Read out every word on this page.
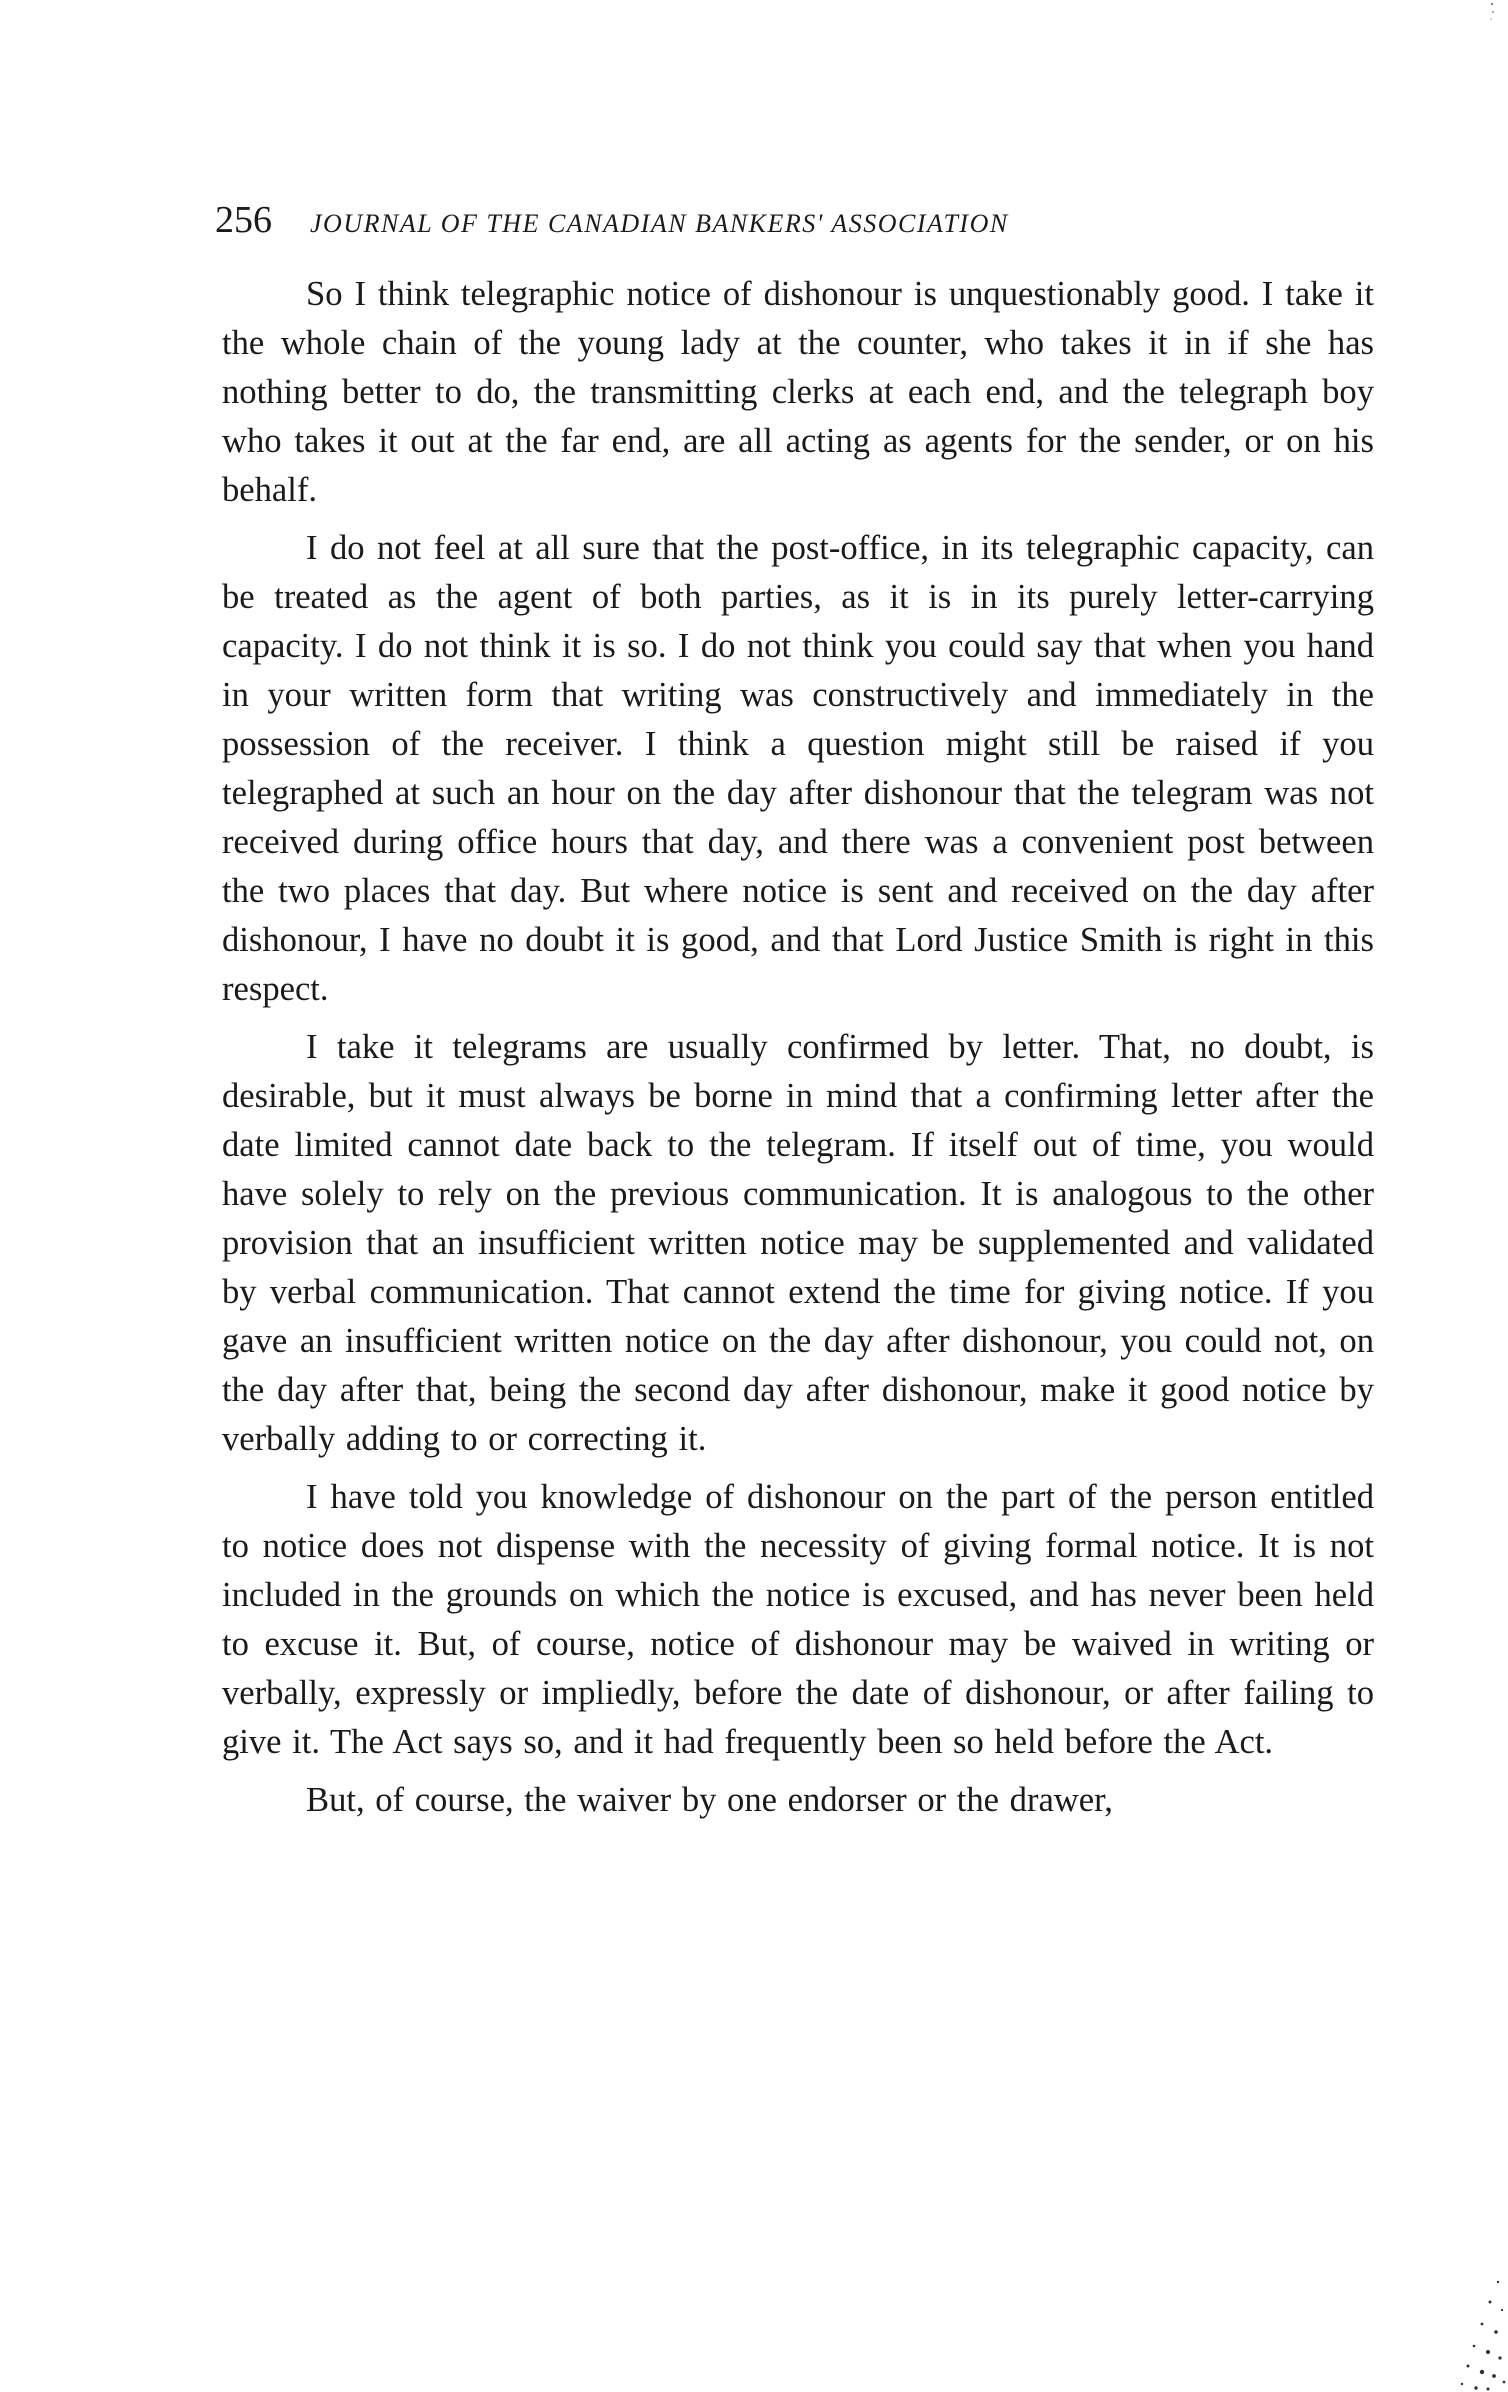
256 JOURNAL OF THE CANADIAN BANKERS' ASSOCIATION

So I think telegraphic notice of dishonour is unquestionably good. I take it the whole chain of the young lady at the counter, who takes it in if she has nothing better to do, the transmitting clerks at each end, and the telegraph boy who takes it out at the far end, are all acting as agents for the sender, or on his behalf.

I do not feel at all sure that the post-office, in its telegraphic capacity, can be treated as the agent of both parties, as it is in its purely letter-carrying capacity. I do not think it is so. I do not think you could say that when you hand in your written form that writing was constructively and immediately in the possession of the receiver. I think a question might still be raised if you telegraphed at such an hour on the day after dishonour that the telegram was not received during office hours that day, and there was a convenient post between the two places that day. But where notice is sent and received on the day after dishonour, I have no doubt it is good, and that Lord Justice Smith is right in this respect.

I take it telegrams are usually confirmed by letter. That, no doubt, is desirable, but it must always be borne in mind that a confirming letter after the date limited cannot date back to the telegram. If itself out of time, you would have solely to rely on the previous communication. It is analogous to the other provision that an insufficient written notice may be supplemented and validated by verbal communication. That cannot extend the time for giving notice. If you gave an insufficient written notice on the day after dishonour, you could not, on the day after that, being the second day after dishonour, make it good notice by verbally adding to or correcting it.

I have told you knowledge of dishonour on the part of the person entitled to notice does not dispense with the necessity of giving formal notice. It is not included in the grounds on which the notice is excused, and has never been held to excuse it. But, of course, notice of dishonour may be waived in writing or verbally, expressly or impliedly, before the date of dishonour, or after failing to give it. The Act says so, and it had frequently been so held before the Act.

But, of course, the waiver by one endorser or the drawer,
